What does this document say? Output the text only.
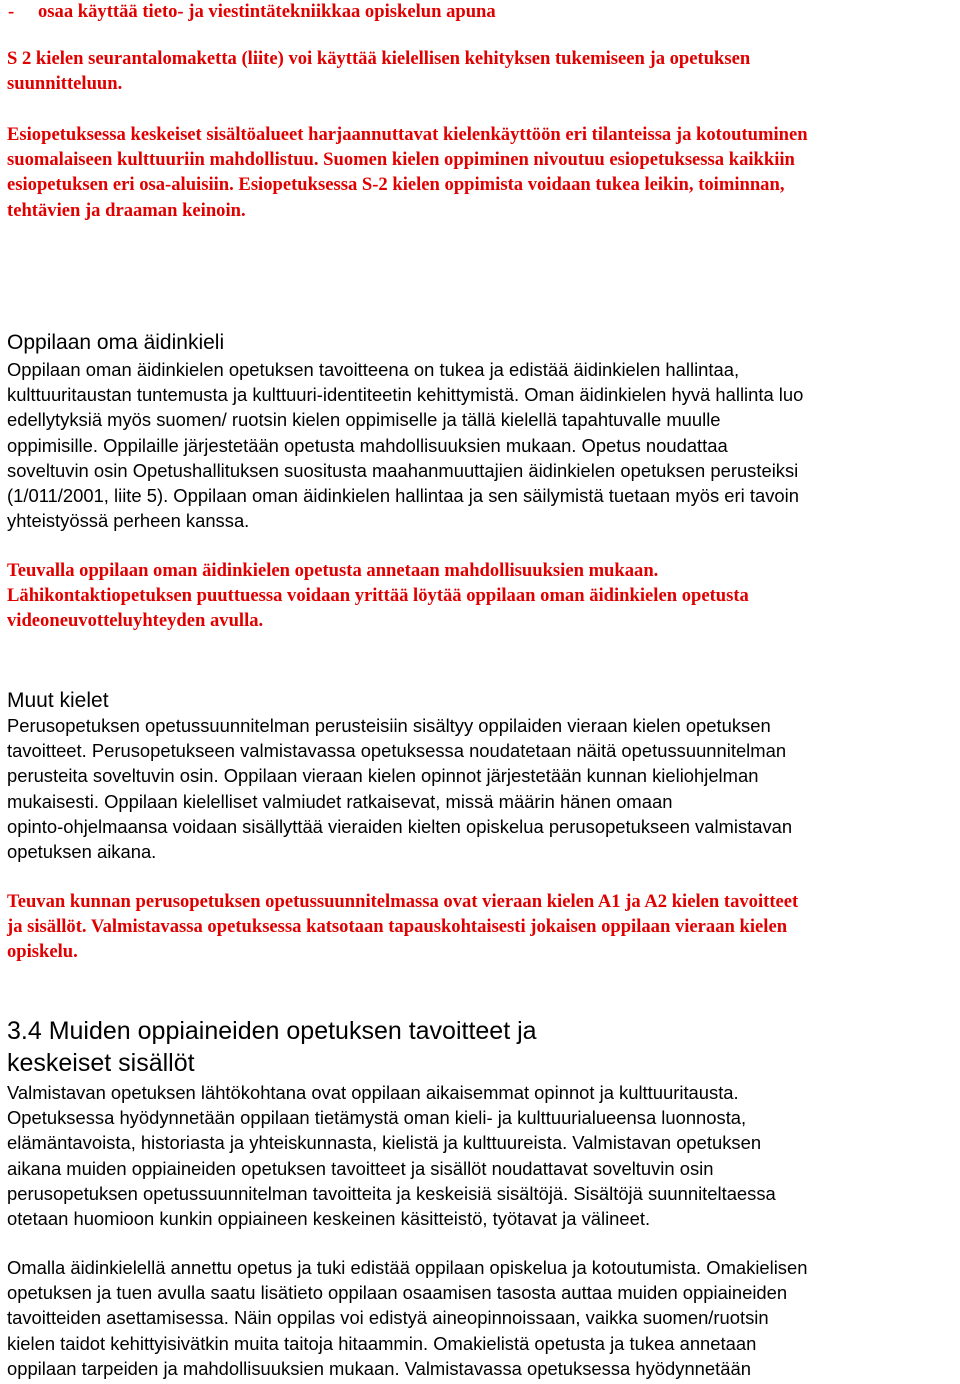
- osaa käyttää tieto- ja viestintätekniikkaa opiskelun apuna

S 2 kielen seurantalomaketta (liite) voi käyttää kielellisen kehityksen tukemiseen ja opetuksen
suunnitteluun.

Esiopetuksessa keskeiset sisältöalueet harjaannuttavat kielenkäyttöön eri tilanteissa ja kotoutuminen
suomalaiseen kulttuuriin mahdollistuu. Suomen kielen oppiminen nivoutuu esiopetuksessa kaikkiin
esiopetuksen eri osa-aluisiin. Esiopetuksessa S-2 kielen oppimista voidaan tukea leikin, toiminnan,
tehtävien ja draaman keinoin.

Oppilaan oma äidinkieli

Oppilaan oman äidinkielen opetuksen tavoitteena on tukea ja edistää äidinkielen hallintaa,
kulttuuritaustan tuntemusta ja kulttuuri-identiteetin kehittymistä. Oman äidinkielen hyvä hallinta luo
edellytyksiä myös suomen/ ruotsin kielen oppimiselle ja tällä kielellä tapahtuvalle muulle
oppimisille. Oppilaille järjestetään opetusta mahdollisuuksien mukaan. Opetus noudattaa
soveltuvin osin Opetushallituksen suositusta maahanmuuttajien äidinkielen opetuksen perusteiksi
(1/011/2001, liite 5). Oppilaan oman äidinkielen hallintaa ja sen säilymistä tuetaan myös eri tavoin
yhteistyössä perheen kanssa.

Teuvalla oppilaan oman äidinkielen opetusta annetaan mahdollisuuksien mukaan.
Lähikontaktiopetuksen puuttuessa voidaan yrittää löytää oppilaan oman äidinkielen opetusta
videoneuvotteluyhteyden avulla.

Muut kielet

Perusopetuksen opetussuunnitelman perusteisiin sisältyy oppilaiden vieraan kielen opetuksen
tavoitteet. Perusopetukseen valmistavassa opetuksessa noudatetaan näitä opetussuunnitelman
perusteita soveltuvin osin. Oppilaan vieraan kielen opinnot järjestetään kunnan kieliohjelman
mukaisesti. Oppilaan kielelliset valmiudet ratkaisevat, missä määrin hänen omaan
opinto-ohjelmaansa voidaan sisällyttää vieraiden kielten opiskelua perusopetukseen valmistavan
opetuksen aikana.

Teuvan kunnan perusopetuksen opetussuunnitelmassa ovat vieraan kielen A1 ja A2 kielen tavoitteet
ja sisällöt. Valmistavassa opetuksessa katsotaan tapauskohtaisesti jokaisen oppilaan vieraan kielen
opiskelu.

3.4 Muiden oppiaineiden opetuksen tavoitteet ja
keskeiset sisällöt

Valmistavan opetuksen lähtökohtana ovat oppilaan aikaisemmat opinnot ja kulttuuritausta.
Opetuksessa hyödynnetään oppilaan tietämystä oman kieli- ja kulttuurialueensa luonnosta,
elämäntavoista, historiasta ja yhteiskunnasta, kielistä ja kulttuureista. Valmistavan opetuksen
aikana muiden oppiaineiden opetuksen tavoitteet ja sisällöt noudattavat soveltuvin osin
perusopetuksen opetussuunnitelman tavoitteita ja keskeisiä sisältöjä. Sisältöjä suunniteltaessa
otetaan huomioon kunkin oppiaineen keskeinen käsitteistö, työtavat ja välineet.

Omalla äidinkielellä annettu opetus ja tuki edistää oppilaan opiskelua ja kotoutumista. Omakielisen
opetuksen ja tuen avulla saatu lisätieto oppilaan osaamisen tasosta auttaa muiden oppiaineiden
tavoitteiden asettamisessa. Näin oppilas voi edistyä aineopinnoissaan, vaikka suomen/ruotsin
kielen taidot kehittyisivätkin muita taitoja hitaammin. Omakielistä opetusta ja tukea annetaan
oppilaan tarpeiden ja mahdollisuuksien mukaan. Valmistavassa opetuksessa hyödynnetään
